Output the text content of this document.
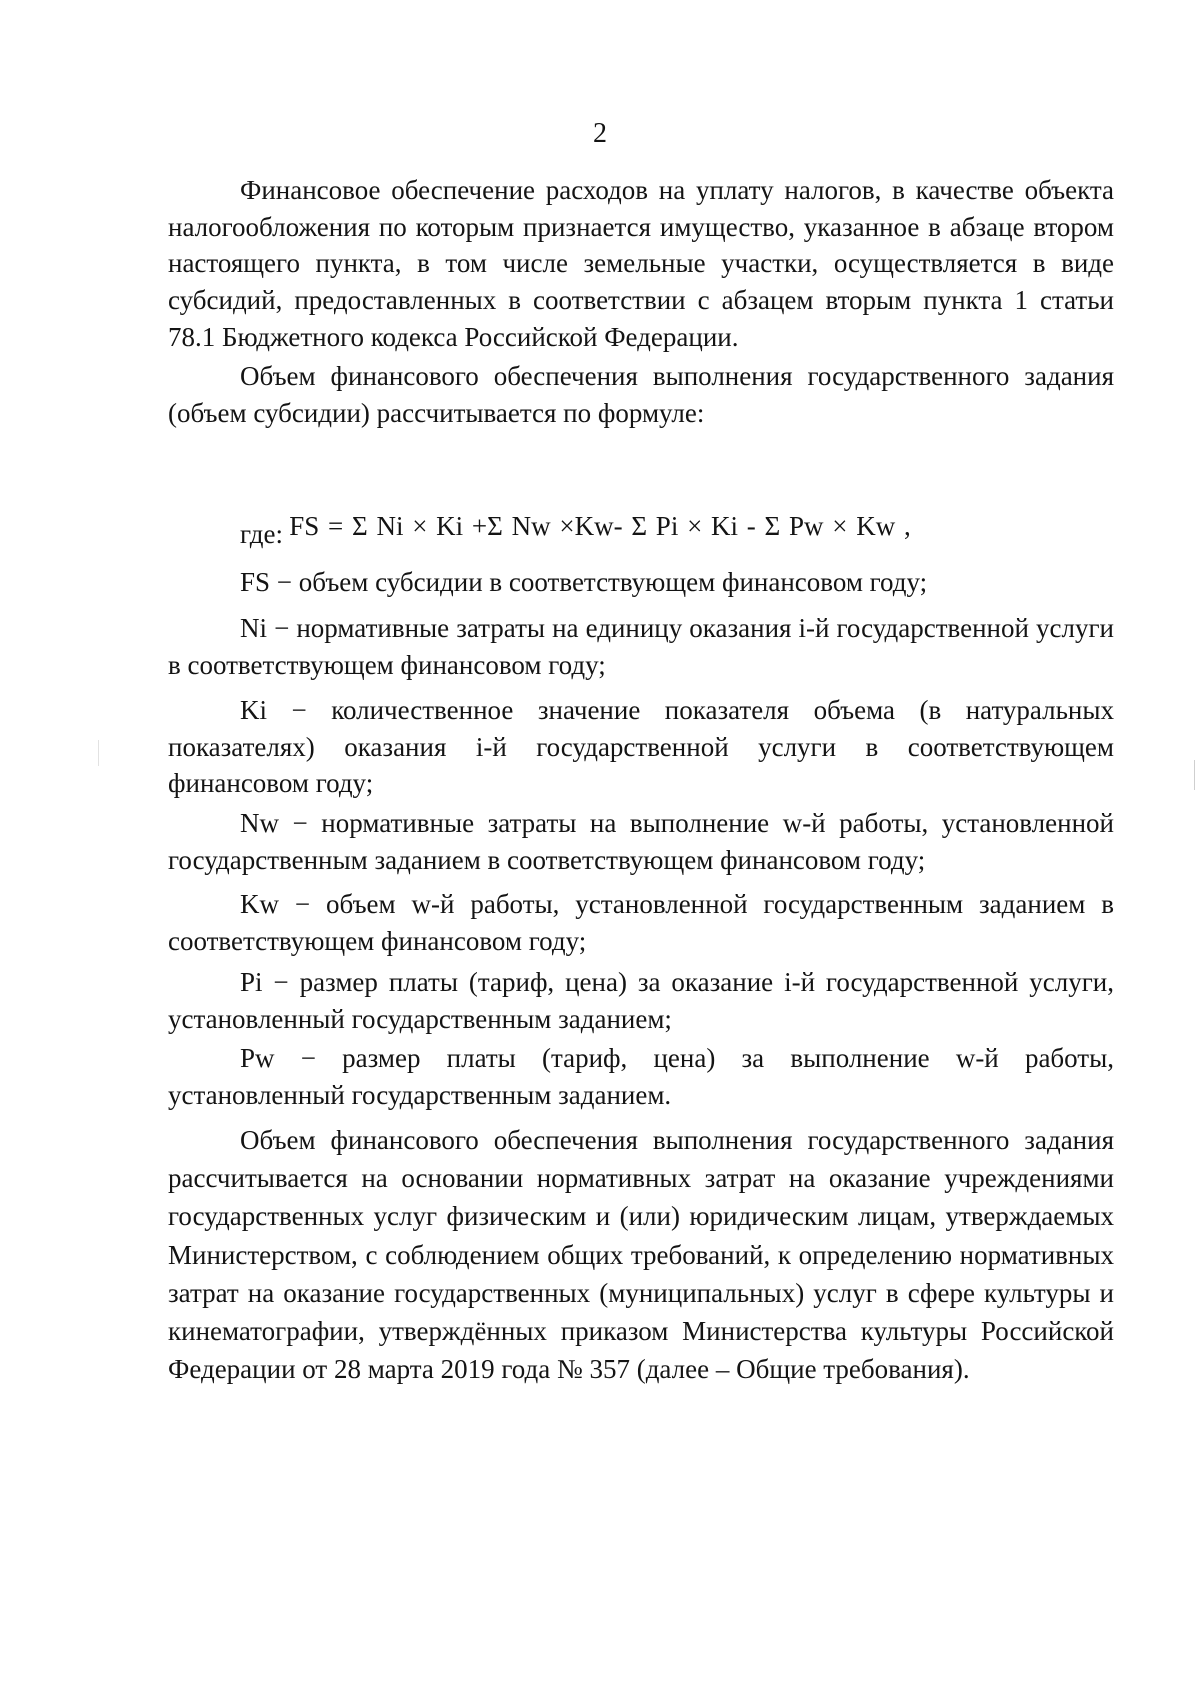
2

Финансовое обеспечение расходов на уплату налогов, в качестве объекта налогообложения по которым признается имущество, указанное в абзаце втором настоящего пункта, в том числе земельные участки, осуществляется в виде субсидий, предоставленных в соответствии с абзацем вторым пункта 1 статьи 78.1 Бюджетного кодекса Российской Федерации.

Объем финансового обеспечения выполнения государственного задания (объем субсидии) рассчитывается по формуле:

FS = Σ Ni × Ki +Σ Nw ×Kw- Σ Pi × Ki - Σ Pw × Kw ,

где:

FS − объем субсидии в соответствующем финансовом году;

Ni − нормативные затраты на единицу оказания i-й государственной услуги в соответствующем финансовом году;

Ki − количественное значение показателя объема (в натуральных показателях) оказания i-й государственной услуги в соответствующем финансовом году;

Nw − нормативные затраты на выполнение w-й работы, установленной государственным заданием в соответствующем финансовом году;

Kw − объем w-й работы, установленной государственным заданием в соответствующем финансовом году;

Pi − размер платы (тариф, цена) за оказание i-й государственной услуги, установленный государственным заданием;

Pw − размер платы (тариф, цена) за выполнение w-й работы, установленный государственным заданием.

Объем финансового обеспечения выполнения государственного задания рассчитывается на основании нормативных затрат на оказание учреждениями государственных услуг физическим и (или) юридическим лицам, утверждаемых Министерством, с соблюдением общих требований, к определению нормативных затрат на оказание государственных (муниципальных) услуг в сфере культуры и кинематографии, утверждённых приказом Министерства культуры Российской Федерации от 28 марта 2019 года № 357 (далее – Общие требования).
